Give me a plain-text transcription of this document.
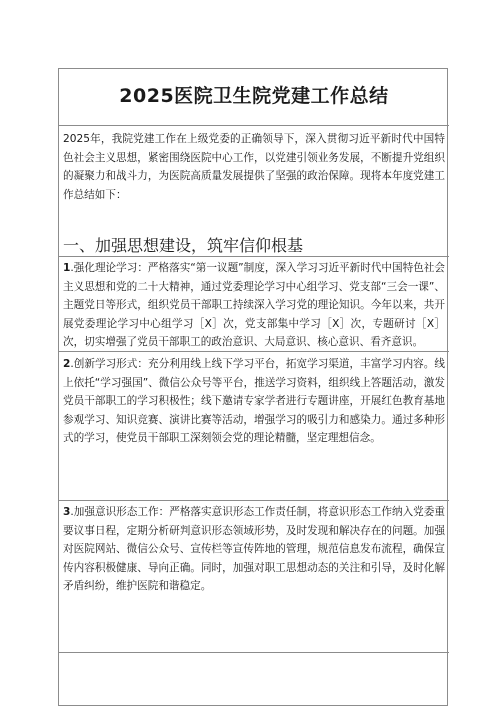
2025医院卫生院党建工作总结

2025年，我院党建工作在上级党委的正确领导下，深入贯彻习近平新时代中国特色社会主义思想，紧密围绕医院中心工作，以党建引领业务发展，不断提升党组织的凝聚力和战斗力，为医院高质量发展提供了坚强的政治保障。现将本年度党建工作总结如下：

一、加强思想建设，筑牢信仰根基

1.强化理论学习：严格落实“第一议题”制度，深入学习习近平新时代中国特色社会主义思想和党的二十大精神，通过党委理论学习中心组学习、党支部“三会一课”、主题党日等形式，组织党员干部职工持续深入学习党的理论知识。今年以来，共开展党委理论学习中心组学习［X］次，党支部集中学习［X］次，专题研讨［X］次，切实增强了党员干部职工的政治意识、大局意识、核心意识、看齐意识。

2.创新学习形式：充分利用线上线下学习平台，拓宽学习渠道，丰富学习内容。线上依托“学习强国”、微信公众号等平台，推送学习资料，组织线上答题活动，激发党员干部职工的学习积极性；线下邀请专家学者进行专题讲座，开展红色教育基地参观学习、知识竞赛、演讲比赛等活动，增强学习的吸引力和感染力。通过多种形式的学习，使党员干部职工深刻领会党的理论精髓，坚定理想信念。

3.加强意识形态工作：严格落实意识形态工作责任制，将意识形态工作纳入党委重要议事日程，定期分析研判意识形态领域形势，及时发现和解决存在的问题。加强对医院网站、微信公众号、宣传栏等宣传阵地的管理，规范信息发布流程，确保宣传内容积极健康、导向正确。同时，加强对职工思想动态的关注和引导，及时化解矛盾纠纷，维护医院和谐稳定。
